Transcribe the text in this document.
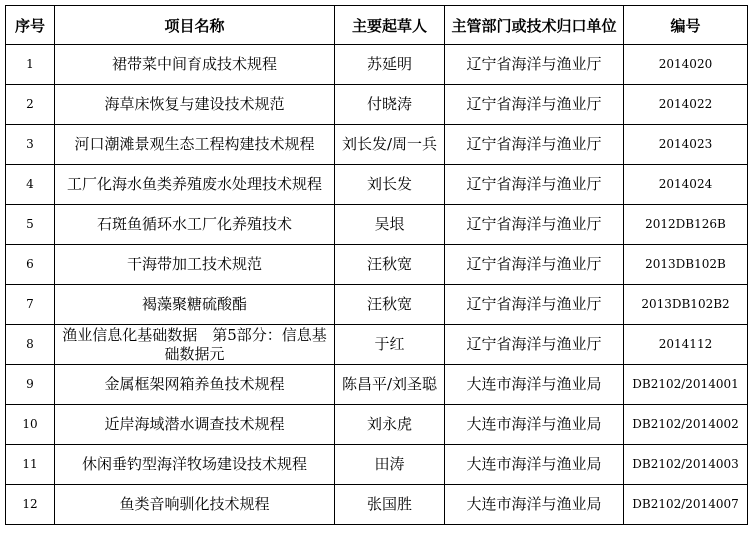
序号	项目名称	主要起草人	主管部门或技术归口单位	编号
1	裙带菜中间育成技术规程	苏延明	辽宁省海洋与渔业厅	2014020
2	海草床恢复与建设技术规范	付晓涛	辽宁省海洋与渔业厅	2014022
3	河口潮滩景观生态工程构建技术规程	刘长发/周一兵	辽宁省海洋与渔业厅	2014023
4	工厂化海水鱼类养殖废水处理技术规程	刘长发	辽宁省海洋与渔业厅	2014024
5	石斑鱼循环水工厂化养殖技术	吴垠	辽宁省海洋与渔业厅	2012DB126B
6	干海带加工技术规范	汪秋宽	辽宁省海洋与渔业厅	2013DB102B
7	褐藻聚糖硫酸酯	汪秋宽	辽宁省海洋与渔业厅	2013DB102B2
8	渔业信息化基础数据　第5部分：信息基础数据元	于红	辽宁省海洋与渔业厅	2014112
9	金属框架网箱养鱼技术规程	陈昌平/刘圣聪	大连市海洋与渔业局	DB2102/2014001
10	近岸海域潜水调查技术规程	刘永虎	大连市海洋与渔业局	DB2102/2014002
11	休闲垂钓型海洋牧场建设技术规程	田涛	大连市海洋与渔业局	DB2102/2014003
12	鱼类音响驯化技术规程	张国胜	大连市海洋与渔业局	DB2102/2014007
